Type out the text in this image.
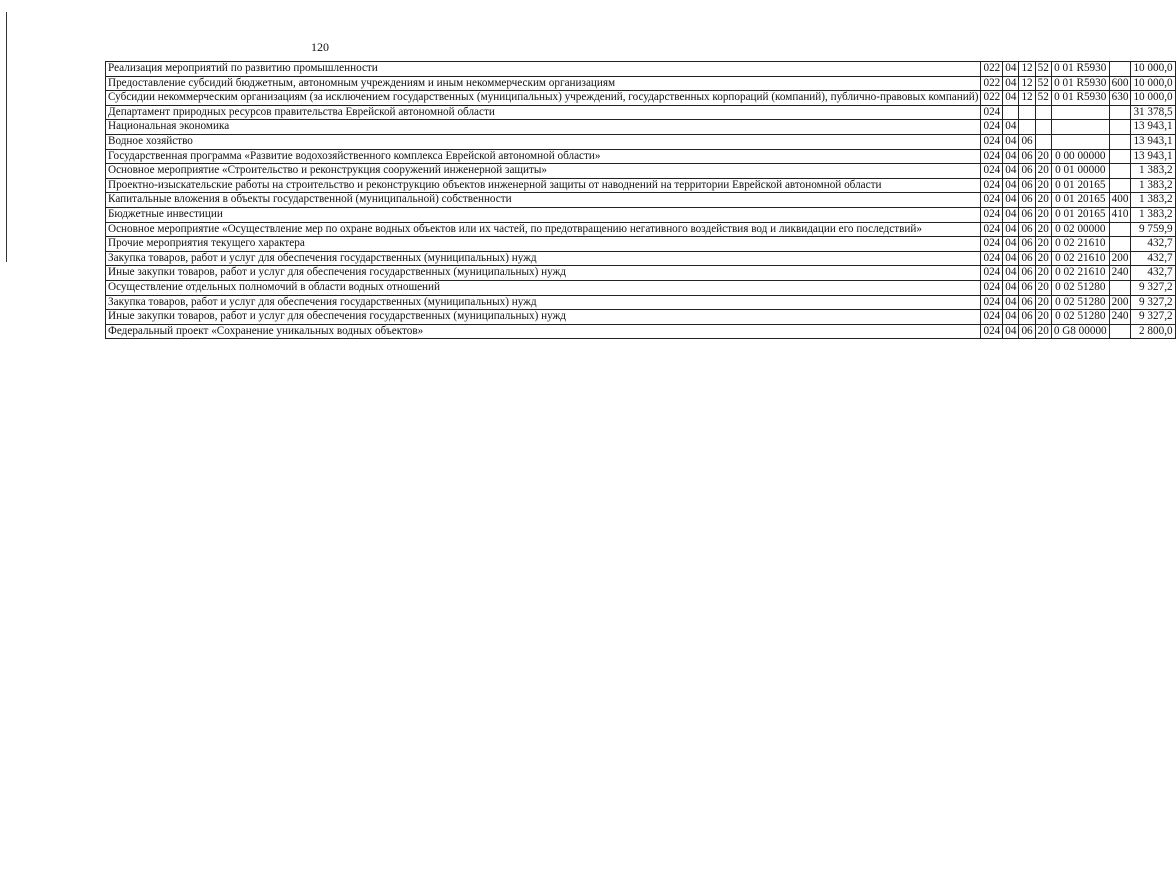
120
Реализация мероприятий по развитию промышленности	022	04	12	52	0 01 R5930		10 000,0
Предоставление субсидий бюджетным, автономным учреждениям и иным некоммерческим организациям	022	04	12	52	0 01 R5930	600	10 000,0
Субсидии некоммерческим организациям (за исключением государственных (муниципальных) учреждений, государственных корпораций (компаний), публично-правовых компаний)	022	04	12	52	0 01 R5930	630	10 000,0
Департамент природных ресурсов правительства Еврейской автономной области	024						31 378,5
Национальная экономика	024	04					13 943,1
Водное хозяйство	024	04	06				13 943,1
Государственная программа «Развитие водохозяйственного комплекса Еврейской автономной области»	024	04	06	20	0 00 00000		13 943,1
Основное мероприятие «Строительство и реконструкция сооружений инженерной защиты»	024	04	06	20	0 01 00000		1 383,2
Проектно-изыскательские работы на строительство и реконструкцию объектов инженерной защиты от наводнений на территории Еврейской автономной области	024	04	06	20	0 01 20165		1 383,2
Капитальные вложения в объекты государственной (муниципальной) собственности	024	04	06	20	0 01 20165	400	1 383,2
Бюджетные инвестиции	024	04	06	20	0 01 20165	410	1 383,2
Основное мероприятие «Осуществление мер по охране водных объектов или их частей, по предотвращению негативного воздействия вод и ликвидации его последствий»	024	04	06	20	0 02 00000		9 759,9
Прочие мероприятия текущего характера	024	04	06	20	0 02 21610		432,7
Закупка товаров, работ и услуг для обеспечения государственных (муниципальных) нужд	024	04	06	20	0 02 21610	200	432,7
Иные закупки товаров, работ и услуг для обеспечения государственных (муниципальных) нужд	024	04	06	20	0 02 21610	240	432,7
Осуществление отдельных полномочий в области водных отношений	024	04	06	20	0 02 51280		9 327,2
Закупка товаров, работ и услуг для обеспечения государственных (муниципальных) нужд	024	04	06	20	0 02 51280	200	9 327,2
Иные закупки товаров, работ и услуг для обеспечения государственных (муниципальных) нужд	024	04	06	20	0 02 51280	240	9 327,2
Федеральный проект «Сохранение уникальных водных объектов»	024	04	06	20	0 G8 00000		2 800,0
